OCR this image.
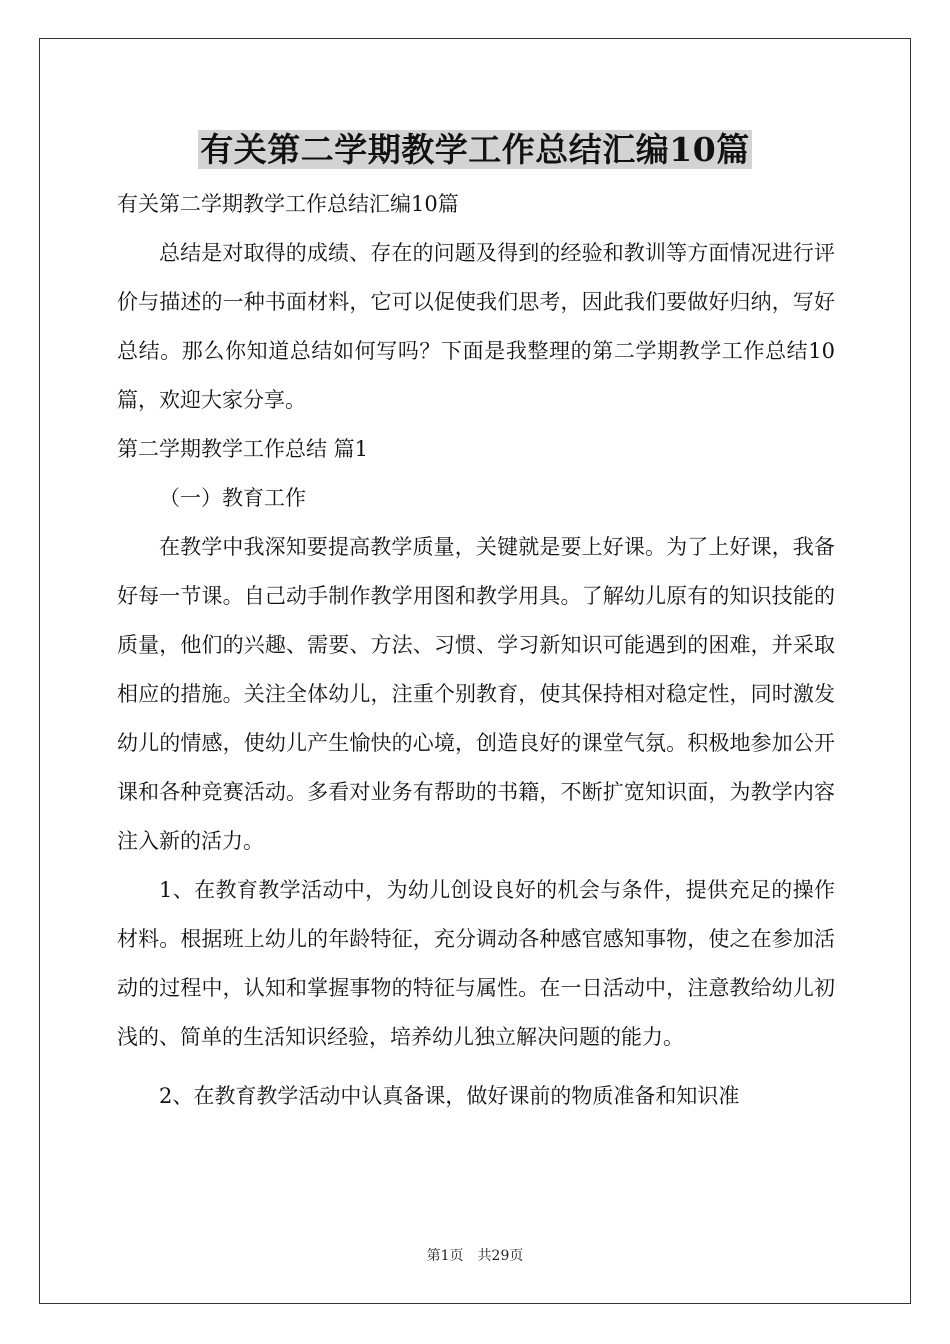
有关第二学期教学工作总结汇编10篇

有关第二学期教学工作总结汇编10篇

总结是对取得的成绩、存在的问题及得到的经验和教训等方面情况进行评价与描述的一种书面材料，它可以促使我们思考，因此我们要做好归纳，写好总结。那么你知道总结如何写吗？下面是我整理的第二学期教学工作总结10篇，欢迎大家分享。

第二学期教学工作总结 篇1

（一）教育工作

在教学中我深知要提高教学质量，关键就是要上好课。为了上好课，我备好每一节课。自己动手制作教学用图和教学用具。了解幼儿原有的知识技能的质量，他们的兴趣、需要、方法、习惯、学习新知识可能遇到的困难，并采取相应的措施。关注全体幼儿，注重个别教育，使其保持相对稳定性，同时激发幼儿的情感，使幼儿产生愉快的心境，创造良好的课堂气氛。积极地参加公开课和各种竞赛活动。多看对业务有帮助的书籍，不断扩宽知识面，为教学内容注入新的活力。

1、在教育教学活动中，为幼儿创设良好的机会与条件，提供充足的操作材料。根据班上幼儿的年龄特征，充分调动各种感官感知事物，使之在参加活动的过程中，认知和掌握事物的特征与属性。在一日活动中，注意教给幼儿初浅的、简单的生活知识经验，培养幼儿独立解决问题的能力。

2、在教育教学活动中认真备课，做好课前的物质准备和知识准

第1页 共29页
